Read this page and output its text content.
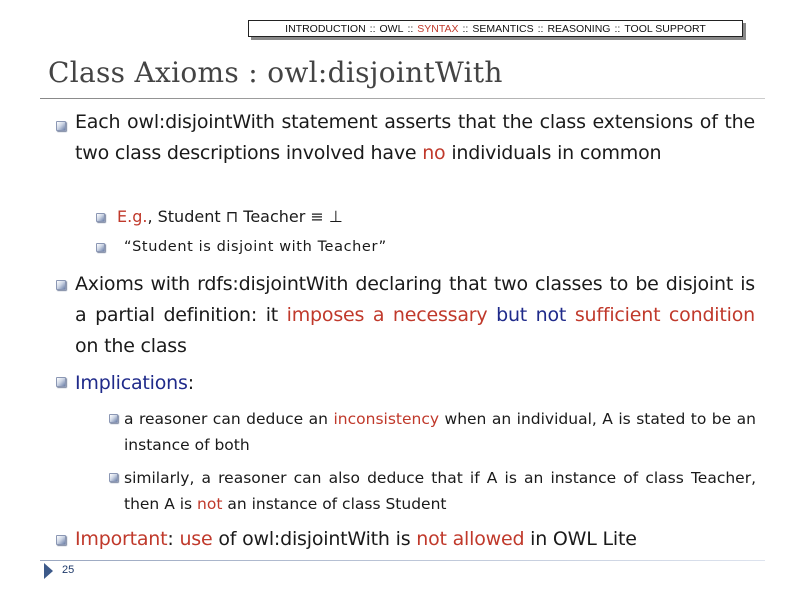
INTRODUCTION :: OWL :: SYNTAX :: SEMANTICS :: REASONING :: TOOL SUPPORT
Class Axioms : owl:disjointWith

Each owl:disjointWith statement asserts that the class extensions of the two class descriptions involved have no individuals in common

E.g., Student ⊓ Teacher ≡ ⊥

“Student is disjoint with Teacher”

Axioms with rdfs:disjointWith declaring that two classes to be disjoint is a partial definition: it imposes a necessary but not sufficient condition on the class

Implications:

a reasoner can deduce an inconsistency when an individual, A is stated to be an instance of both

similarly, a reasoner can also deduce that if A is an instance of class Teacher, then A is not an instance of class Student

Important: use of owl:disjointWith is not allowed in OWL Lite

25
